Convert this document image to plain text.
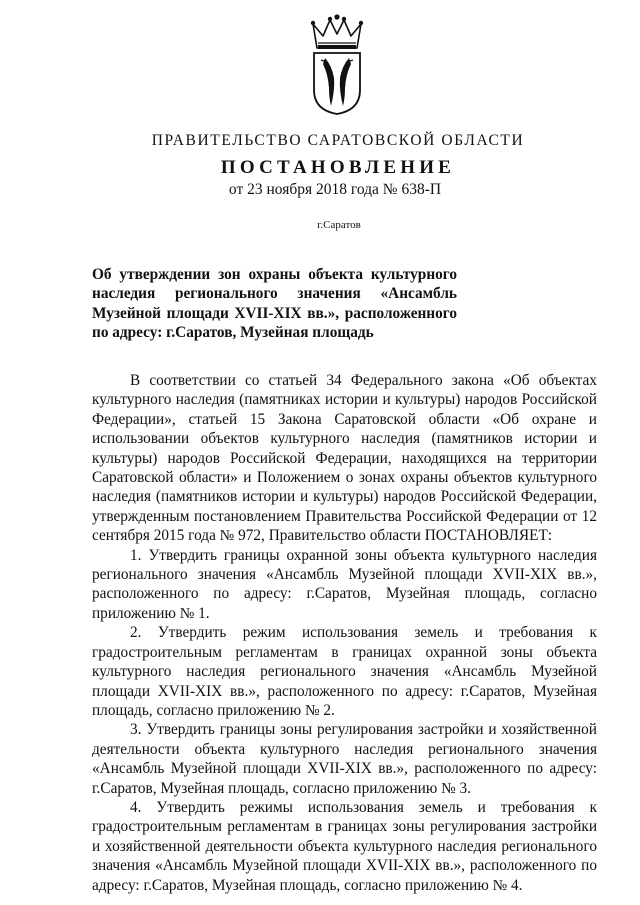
ПРАВИТЕЛЬСТВО САРАТОВСКОЙ ОБЛАСТИ
ПОСТАНОВЛЕНИЕ
от 23 ноября 2018 года № 638-П
г.Саратов
Об утверждении зон охраны объекта культурного наследия регионального значения «Ансамбль Музейной площади XVII-XIX вв.», расположенного по адресу: г.Саратов, Музейная площадь

В соответствии со статьей 34 Федерального закона «Об объектах культурного наследия (памятниках истории и культуры) народов Российской Федерации», статьей 15 Закона Саратовской области «Об охране и использовании объектов культурного наследия (памятников истории и культуры) народов Российской Федерации, находящихся на территории Саратовской области» и Положением о зонах охраны объектов культурного наследия (памятников истории и культуры) народов Российской Федерации, утвержденным постановлением Правительства Российской Федерации от 12 сентября 2015 года № 972, Правительство области ПОСТАНОВЛЯЕТ:

1. Утвердить границы охранной зоны объекта культурного наследия регионального значения «Ансамбль Музейной площади XVII-XIX вв.», расположенного по адресу: г.Саратов, Музейная площадь, согласно приложению № 1.

2. Утвердить режим использования земель и требования к градостроительным регламентам в границах охранной зоны объекта культурного наследия регионального значения «Ансамбль Музейной площади XVII-XIX вв.», расположенного по адресу: г.Саратов, Музейная площадь, согласно приложению № 2.

3. Утвердить границы зоны регулирования застройки и хозяйственной деятельности объекта культурного наследия регионального значения «Ансамбль Музейной площади XVII-XIX вв.», расположенного по адресу: г.Саратов, Музейная площадь, согласно приложению № 3.

4. Утвердить режимы использования земель и требования к градостроительным регламентам в границах зоны регулирования застройки и хозяйственной деятельности объекта культурного наследия регионального значения «Ансамбль Музейной площади XVII-XIX вв.», расположенного по адресу: г.Саратов, Музейная площадь, согласно приложению № 4.
